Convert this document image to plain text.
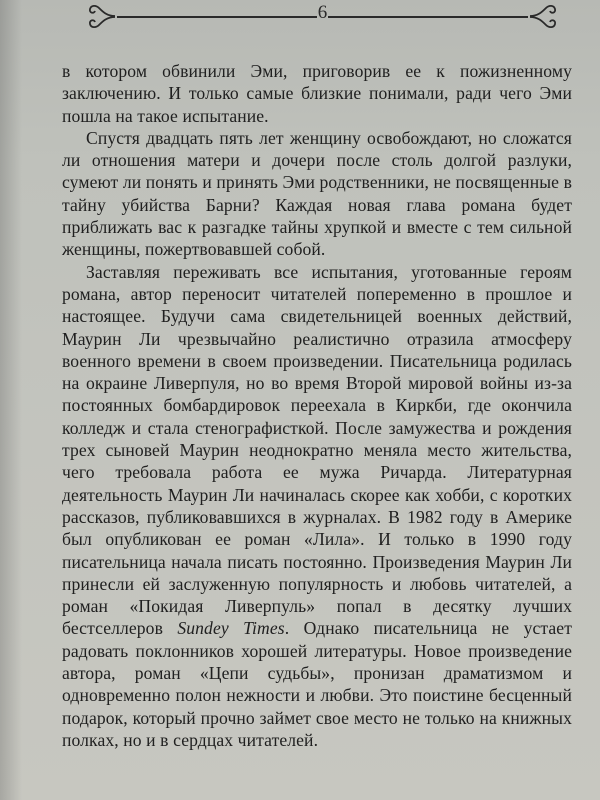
6

в котором обвинили Эми, приговорив ее к пожизненному заключению. И только самые близкие понимали, ради чего Эми пошла на такое испытание.

Спустя двадцать пять лет женщину освобождают, но сложатся ли отношения матери и дочери после столь долгой разлуки, сумеют ли понять и принять Эми родственники, не посвященные в тайну убийства Барни? Каждая новая глава романа будет приближать вас к разгадке тайны хрупкой и вместе с тем сильной женщины, пожертвовавшей собой.

Заставляя переживать все испытания, уготованные героям романа, автор переносит читателей попеременно в прошлое и настоящее. Будучи сама свидетельницей военных действий, Маурин Ли чрезвычайно реалистично отразила атмосферу военного времени в своем произведении. Писательница родилась на окраине Ливерпуля, но во время Второй мировой войны из-за постоянных бомбардировок переехала в Киркби, где окончила колледж и стала стенографисткой. После замужества и рождения трех сыновей Маурин неоднократно меняла место жительства, чего требовала работа ее мужа Ричарда. Литературная деятельность Маурин Ли начиналась скорее как хобби, с коротких рассказов, публиковавшихся в журналах. В 1982 году в Америке был опубликован ее роман «Лила». И только в 1990 году писательница начала писать постоянно. Произведения Маурин Ли принесли ей заслуженную популярность и любовь читателей, а роман «Покидая Ливерпуль» попал в десятку лучших бестселлеров Sundey Times. Однако писательница не устает радовать поклонников хорошей литературы. Новое произведение автора, роман «Цепи судьбы», пронизан драматизмом и одновременно полон нежности и любви. Это поистине бесценный подарок, который прочно займет свое место не только на книжных полках, но и в сердцах читателей.
